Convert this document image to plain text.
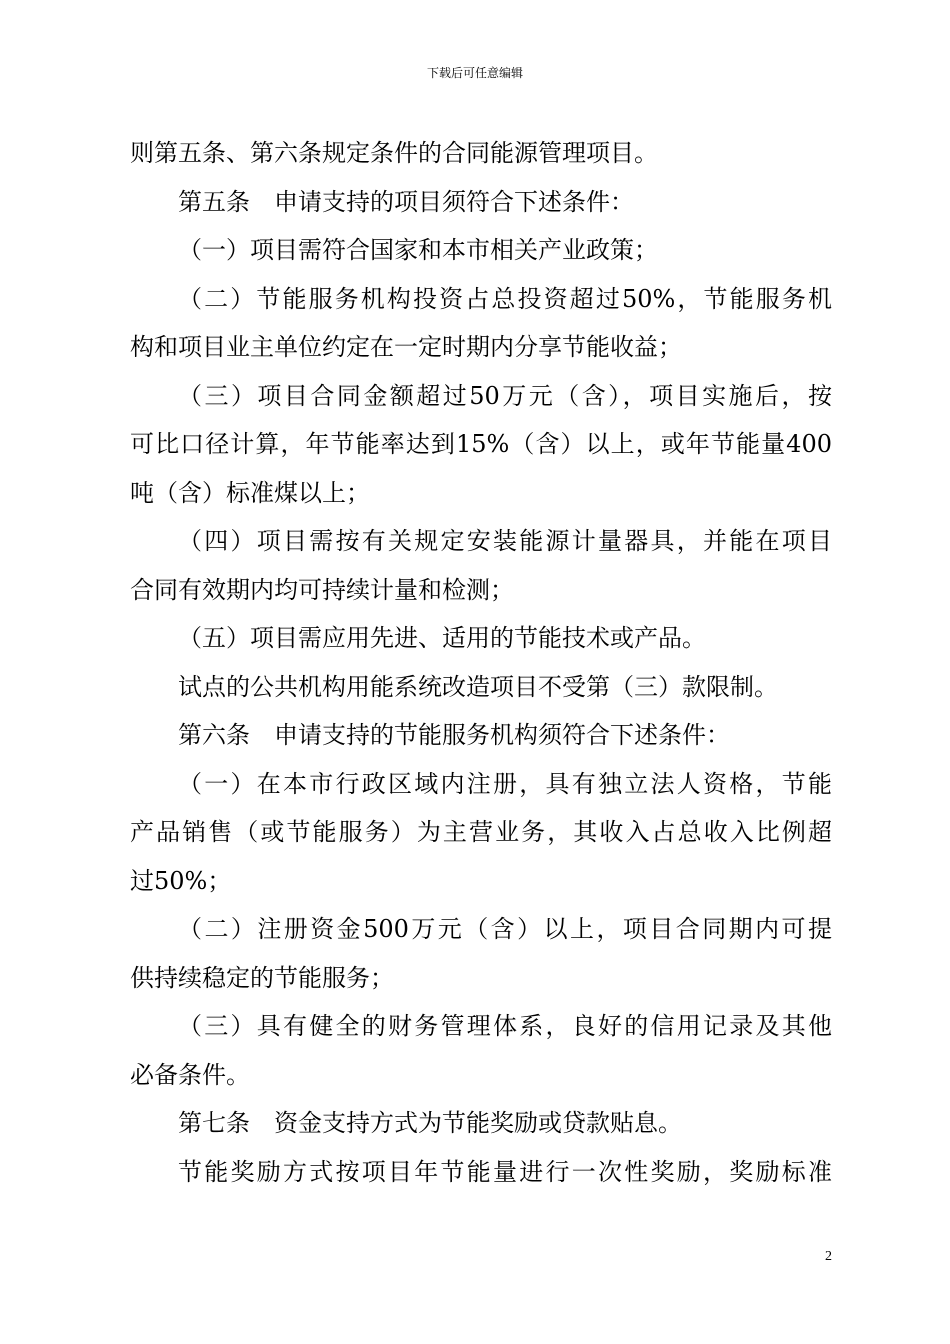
下载后可任意编辑
则第五条、第六条规定条件的合同能源管理项目。
第五条　申请支持的项目须符合下述条件：
（一）项目需符合国家和本市相关产业政策；
（二）节能服务机构投资占总投资超过50%，节能服务机
构和项目业主单位约定在一定时期内分享节能收益；
（三）项目合同金额超过50万元（含），项目实施后，按
可比口径计算，年节能率达到15%（含）以上，或年节能量400
吨（含）标准煤以上；
（四）项目需按有关规定安装能源计量器具，并能在项目
合同有效期内均可持续计量和检测；
（五）项目需应用先进、适用的节能技术或产品。
试点的公共机构用能系统改造项目不受第（三）款限制。
第六条　申请支持的节能服务机构须符合下述条件：
（一）在本市行政区域内注册，具有独立法人资格，节能
产品销售（或节能服务）为主营业务，其收入占总收入比例超
过50%；
（二）注册资金500万元（含）以上，项目合同期内可提
供持续稳定的节能服务；
（三）具有健全的财务管理体系，良好的信用记录及其他
必备条件。
第七条　资金支持方式为节能奖励或贷款贴息。
节能奖励方式按项目年节能量进行一次性奖励，奖励标准
2
